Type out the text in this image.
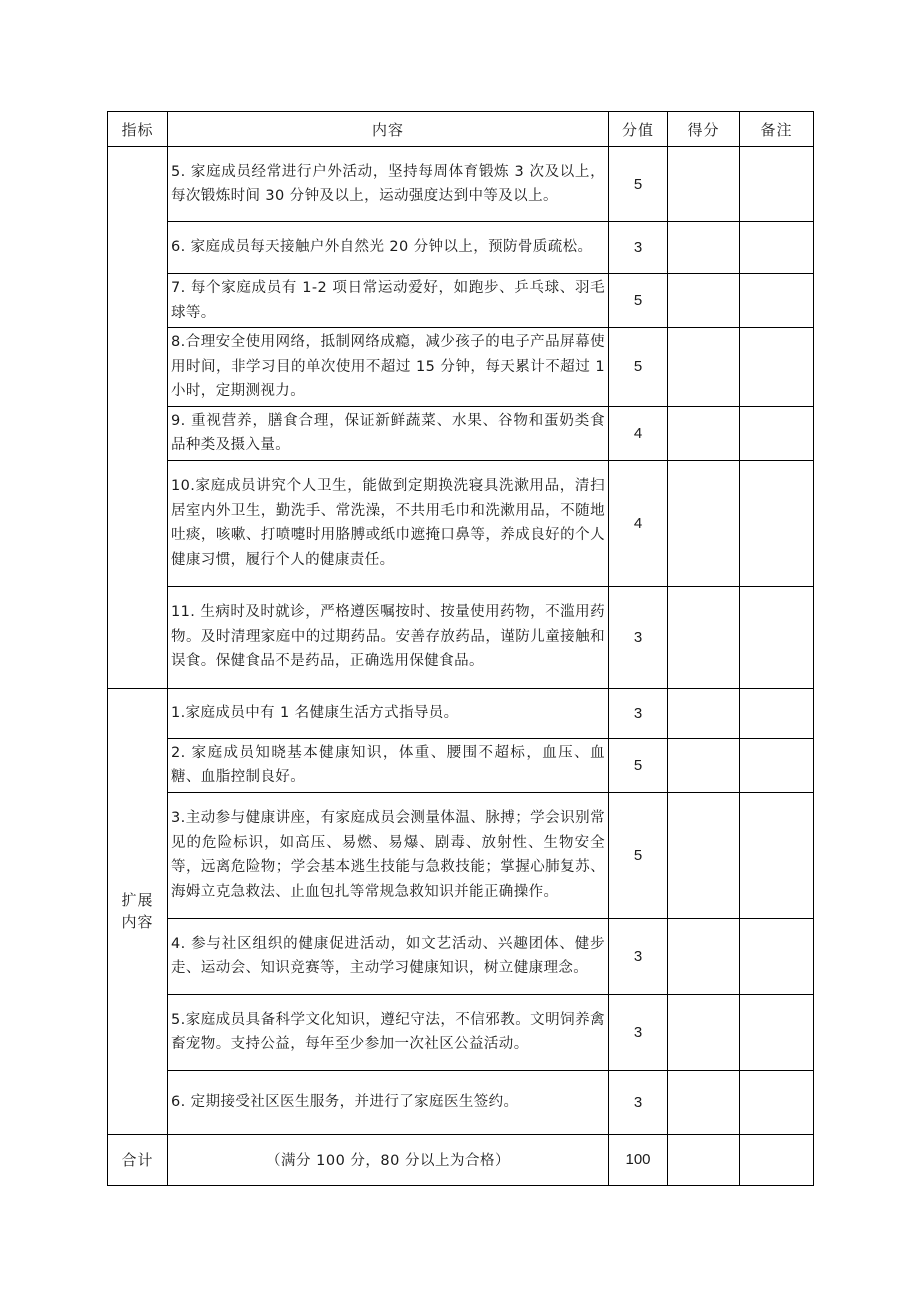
指标	内容	分值	得分	备注
	5. 家庭成员经常进行户外活动，坚持每周体育锻炼 3 次及以上，每次锻炼时间 30 分钟及以上，运动强度达到中等及以上。	5		
	6. 家庭成员每天接触户外自然光 20 分钟以上，预防骨质疏松。	3		
	7. 每个家庭成员有 1-2 项日常运动爱好，如跑步、乒乓球、羽毛球等。	5		
	8.合理安全使用网络，抵制网络成瘾，减少孩子的电子产品屏幕使用时间，非学习目的单次使用不超过 15 分钟，每天累计不超过 1 小时，定期测视力。	5		
	9. 重视营养，膳食合理，保证新鲜蔬菜、水果、谷物和蛋奶类食品种类及摄入量。	4		
	10.家庭成员讲究个人卫生，能做到定期换洗寝具洗漱用品，清扫居室内外卫生，勤洗手、常洗澡，不共用毛巾和洗漱用品，不随地吐痰，咳嗽、打喷嚏时用胳膊或纸巾遮掩口鼻等，养成良好的个人健康习惯，履行个人的健康责任。	4		
	11. 生病时及时就诊，严格遵医嘱按时、按量使用药物，不滥用药物。及时清理家庭中的过期药品。安善存放药品，谨防儿童接触和误食。保健食品不是药品，正确选用保健食品。	3		
扩展内容	1.家庭成员中有 1 名健康生活方式指导员。	3		
	2. 家庭成员知晓基本健康知识，体重、腰围不超标，血压、血糖、血脂控制良好。	5		
	3.主动参与健康讲座，有家庭成员会测量体温、脉搏；学会识别常见的危险标识，如高压、易燃、易爆、剧毒、放射性、生物安全等，远离危险物；学会基本逃生技能与急救技能；掌握心肺复苏、海姆立克急救法、止血包扎等常规急救知识并能正确操作。	5		
	4. 参与社区组织的健康促进活动，如文艺活动、兴趣团体、健步走、运动会、知识竞赛等，主动学习健康知识，树立健康理念。	3		
	5.家庭成员具备科学文化知识，遵纪守法，不信邪教。文明饲养禽畜宠物。支持公益，每年至少参加一次社区公益活动。	3		
	6. 定期接受社区医生服务，并进行了家庭医生签约。	3		
合计	（满分 100 分，80 分以上为合格）	100		
